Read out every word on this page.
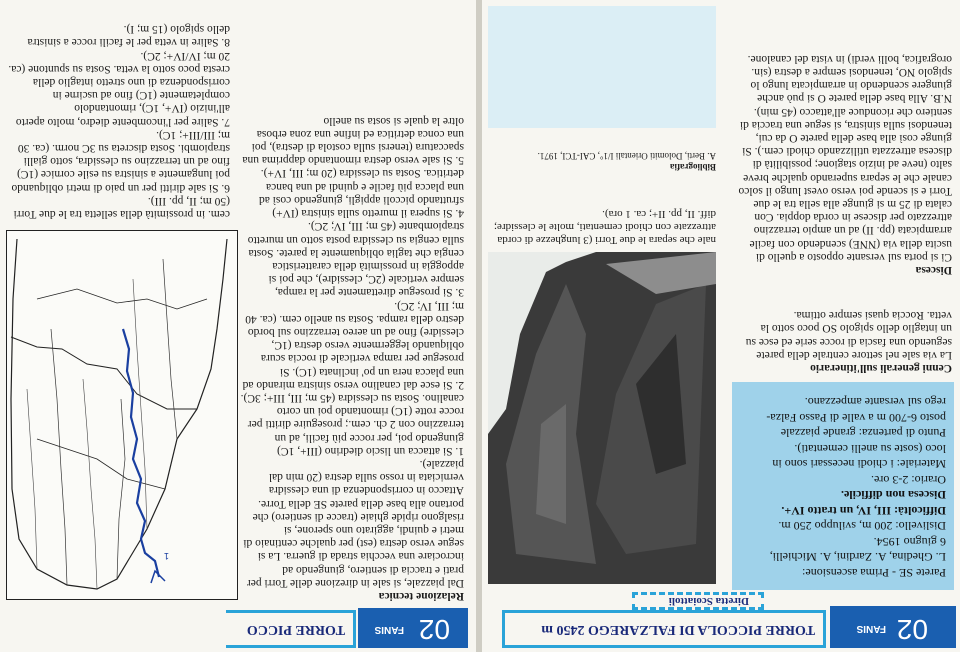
02
FANIS
TORRE PICCOLA DI FALZAREGO 2450 m
Diretta Scoiattoli
Parete SE - Prima ascensione:
L. Ghedina, A. Zardini, A. Michielli,
6 giugno 1954.
Dislivello: 200 m, sviluppo 250 m.
Difficoltà: III, IV, un tratto IV+.
Discesa non difficile.
Orario: 2-3 ore.
Materiale: i chiodi necessari sono in
loco (soste su anelli cementati).
Punto di partenza: grande piazzale
posto 6-700 m a valle di Passo Falza-
rego sul versante ampezzano.
Cenni generali sull'itinerario
La via sale nel settore centrale della parete seguendo una fascia di rocce serie ed esce su un intaglio dello spigolo SO poco sotto la vetta. Roccia quasi sempre ottima.
Discesa
Ci si porta sul versante opposto a quello di uscita della via (NNE) scendendo con facile arrampicata (pp. II) ad un ampio terrazzino attrezzato per discese in corda doppia. Con calata di 25 m si giunge alla sella tra le due Torri e si scende poi verso ovest lungo il solco canale che le separa superando qualche breve salto (neve ad inizio stagione; possibilità di discesa attrezzata utilizzando chiodi cem.). Si giunge così alla base della parete O da cui, tenendosi sulla sinistra, si segue una traccia di sentiero che riconduce all'attacco (45 min).
N.B. Alla base della parete O si può anche giungere scendendo in arrampicata lungo lo spigolo NO, tenendosi sempre a destra (sin. orografica, bolli verdi) in vista del canalone.
nale che separa le due Torri (3 lunghezze di corda attrezzate con chiodi cementati, molte le clessidre; diff. II, pp. II+; ca. 1 ora).
Bibliografia
A. Berti, Dolomiti Orientali I/1°, CAI-TCI, 1971.
02
FANIS
TORRE PICCO
Relazione tecnica
Dal piazzale, si sale in direzione delle Torri per prati e traccia di sentiero, giungendo ad incrociare una vecchia strada di guerra. La si segue verso destra (est) per qualche centinaio di metri e quindi, aggirato uno sperone, si risalgono ripide ghiaie (tracce di sentiero) che portano alla base della parete SE della Torre. Attacco in corrispondenza di una clessidra verniciata in rosso sulla destra (20 min dal piazzale).
1. Si attacca un liscio diedrino (III+, 1C) giungendo poi, per rocce più facili, ad un terrazzino con 2 ch. cem.; proseguire diritti per rocce rotte (1C) rimontando poi un corto canalino. Sosta su clessidra (45 m; III, III+; 3C).
2. Si esce dal canalino verso sinistra mirando ad una placca nera un po' inclinata (1C). Si prosegue per rampa verticale di roccia scura obliquando leggermente verso destra (1C, clessidre) fino ad un aereo terrazzino sul bordo destro della rampa. Sosta su anello cem. (ca. 40 m; III, IV; 2C).
3. Si prosegue direttamente per la rampa, sempre verticale (2C, clessidre), che poi si appoggia in prossimità della caratteristica cengia che taglia obliquamente la parete. Sosta sulla cengia su clessidra posta sotto un muretto strapiombante (45 m; III, IV; 2C).
4. Si supera il muretto sulla sinistra (IV+) sfruttando piccoli appigli, giungendo così ad una placca più facile e quindi ad una banca detritica. Sosta su clessidra (20 m; III, IV+).
5. Si sale verso destra rimontando dapprima una spaccatura (tenersi sulla costola di destra), poi una conca detritica ed infine una zona erbosa oltre la quale si sosta su anello
cem. in prossimità della selletta tra le due Torri (50 m; II, pp. III).
6. Si sale diritti per un paio di metri obliquando poi lungamente a sinistra su esile cornice (1C) fino ad un terrazzino su clessidra, sotto gialli strapiombi. Sosta discreta su 3C norm. (ca. 30 m; III/III+; 1C).
7. Salire per l'incombente diedro, molto aperto all'inizio (IV+, 1C), rimontandolo completamente (1C) fino ad uscirne in corrispondenza di uno stretto intaglio della cresta poco sotto la vetta. Sosta su spuntone (ca. 20 m; IV/IV+; 2C).
8. Salire in vetta per le facili rocce a sinistra dello spigolo (15 m; I).
1
